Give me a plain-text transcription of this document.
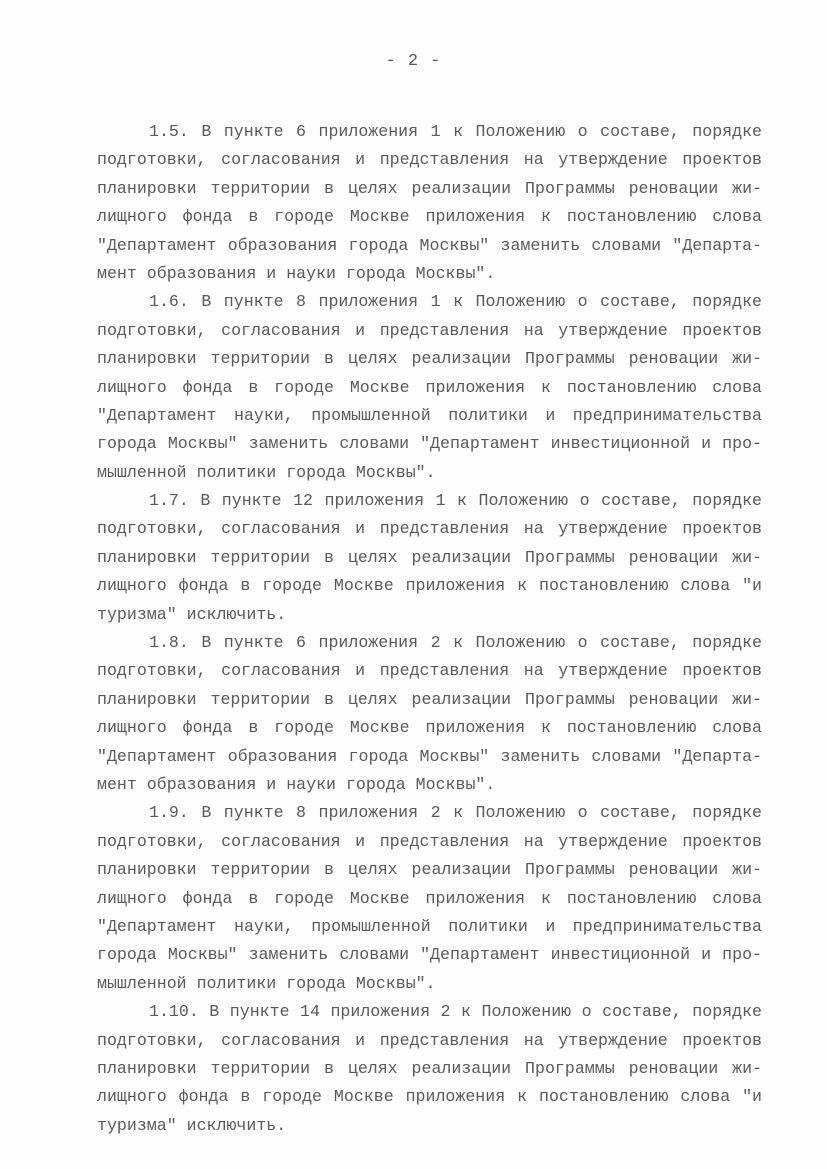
- 2 -
1.5. В пункте 6 приложения 1 к Положению о составе, порядке
подготовки, согласования и представления на утверждение проектов
планировки территории в целях реализации Программы реновации жи-
лищного фонда в городе Москве приложения к постановлению слова
"Департамент образования города Москвы" заменить словами "Департа-
мент образования и науки города Москвы".
1.6. В пункте 8 приложения 1 к Положению о составе, порядке
подготовки, согласования и представления на утверждение проектов
планировки территории в целях реализации Программы реновации жи-
лищного фонда в городе Москве приложения к постановлению слова
"Департамент науки, промышленной политики и предпринимательства
города Москвы" заменить словами "Департамент инвестиционной и про-
мышленной политики города Москвы".
1.7. В пункте 12 приложения 1 к Положению о составе, порядке
подготовки, согласования и представления на утверждение проектов
планировки территории в целях реализации Программы реновации жи-
лищного фонда в городе Москве приложения к постановлению слова "и
туризма" исключить.
1.8. В пункте 6 приложения 2 к Положению о составе, порядке
подготовки, согласования и представления на утверждение проектов
планировки территории в целях реализации Программы реновации жи-
лищного фонда в городе Москве приложения к постановлению слова
"Департамент образования города Москвы" заменить словами "Департа-
мент образования и науки города Москвы".
1.9. В пункте 8 приложения 2 к Положению о составе, порядке
подготовки, согласования и представления на утверждение проектов
планировки территории в целях реализации Программы реновации жи-
лищного фонда в городе Москве приложения к постановлению слова
"Департамент науки, промышленной политики и предпринимательства
города Москвы" заменить словами "Департамент инвестиционной и про-
мышленной политики города Москвы".
1.10. В пункте 14 приложения 2 к Положению о составе, порядке
подготовки, согласования и представления на утверждение проектов
планировки территории в целях реализации Программы реновации жи-
лищного фонда в городе Москве приложения к постановлению слова "и
туризма" исключить.
